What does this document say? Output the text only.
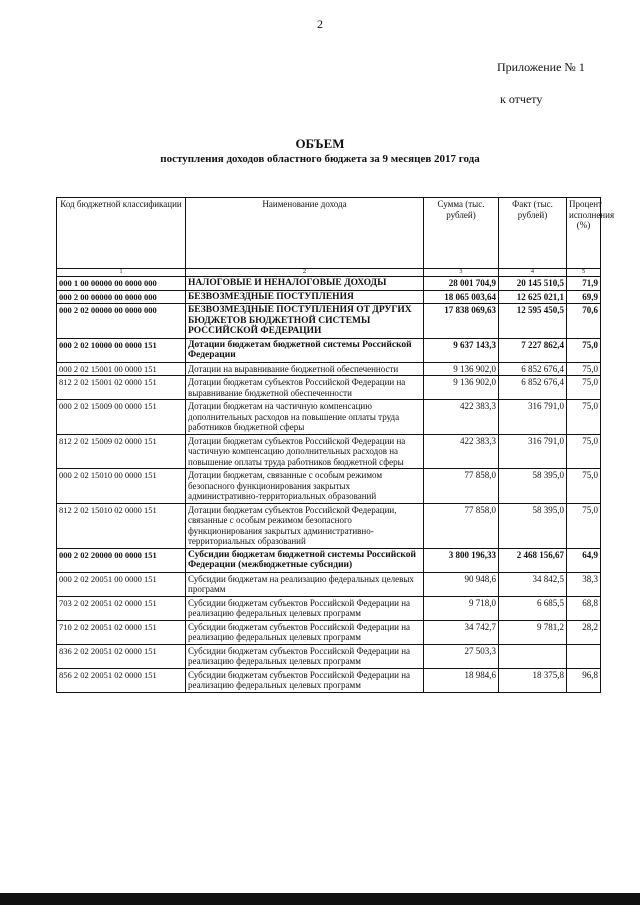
2
Приложение № 1
к отчету
ОБЪЕМ
поступления доходов областного бюджета за 9 месяцев 2017 года
Код бюджетной классификации	Наименование дохода	Сумма (тыс. рублей)	Факт (тыс. рублей)	Процент исполнения (%)
1	2	3	4	5
000 1 00 00000 00 0000 000	НАЛОГОВЫЕ И НЕНАЛОГОВЫЕ ДОХОДЫ	28 001 704,9	20 145 510,5	71,9
000 2 00 00000 00 0000 000	БЕЗВОЗМЕЗДНЫЕ ПОСТУПЛЕНИЯ	18 065 003,64	12 625 021,1	69,9
000 2 02 00000 00 0000 000	БЕЗВОЗМЕЗДНЫЕ ПОСТУПЛЕНИЯ ОТ ДРУГИХ БЮДЖЕТОВ БЮДЖЕТНОЙ СИСТЕМЫ РОССИЙСКОЙ ФЕДЕРАЦИИ	17 838 069,63	12 595 450,5	70,6
000 2 02 10000 00 0000 151	Дотации бюджетам бюджетной системы Российской Федерации	9 637 143,3	7 227 862,4	75,0
000 2 02 15001 00 0000 151	Дотации на выравнивание бюджетной обеспеченности	9 136 902,0	6 852 676,4	75,0
812 2 02 15001 02 0000 151	Дотации бюджетам субъектов Российской Федерации на выравнивание бюджетной обеспеченности	9 136 902,0	6 852 676,4	75,0
000 2 02 15009 00 0000 151	Дотации бюджетам на частичную компенсацию дополнительных расходов на повышение оплаты труда работников бюджетной сферы	422 383,3	316 791,0	75,0
812 2 02 15009 02 0000 151	Дотации бюджетам субъектов Российской Федерации на частичную компенсацию дополнительных расходов на повышение оплаты труда работников бюджетной сферы	422 383,3	316 791,0	75,0
000 2 02 15010 00 0000 151	Дотации бюджетам, связанные с особым режимом безопасного функционирования закрытых административно-территориальных образований	77 858,0	58 395,0	75,0
812 2 02 15010 02 0000 151	Дотации бюджетам субъектов Российской Федерации, связанные с особым режимом безопасного функционирования закрытых административно-территориальных образований	77 858,0	58 395,0	75,0
000 2 02 20000 00 0000 151	Субсидии бюджетам бюджетной системы Российской Федерации (межбюджетные субсидии)	3 800 196,33	2 468 156,67	64,9
000 2 02 20051 00 0000 151	Субсидии бюджетам на реализацию федеральных целевых программ	90 948,6	34 842,5	38,3
703 2 02 20051 02 0000 151	Субсидии бюджетам субъектов Российской Федерации на реализацию федеральных целевых программ	9 718,0	6 685,5	68,8
710 2 02 20051 02 0000 151	Субсидии бюджетам субъектов Российской Федерации на реализацию федеральных целевых программ	34 742,7	9 781,2	28,2
836 2 02 20051 02 0000 151	Субсидии бюджетам субъектов Российской Федерации на реализацию федеральных целевых программ	27 503,3		
856 2 02 20051 02 0000 151	Субсидии бюджетам субъектов Российской Федерации на реализацию федеральных целевых программ	18 984,6	18 375,8	96,8
